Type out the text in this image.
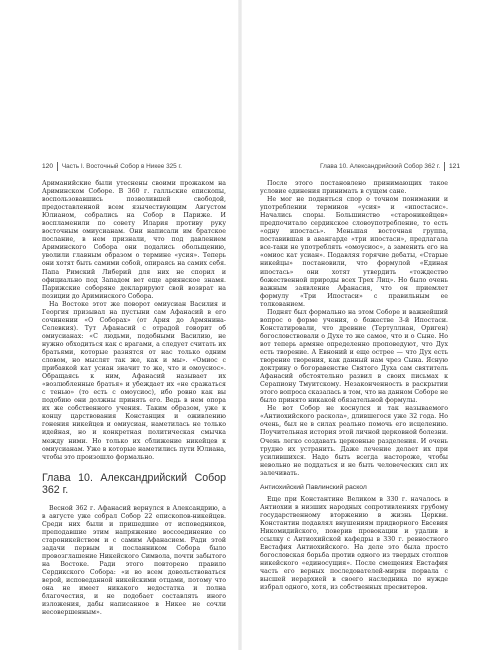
120 Часть I. Восточный Собор в Никее 325 г.

Ариманийские были утеснены своими прожаком на Ариминском Соборе. В 360 г. галльские епископы, воспользовавшись позволившей свободой, предоставленной всем язычествующим Августом Юлианом, собрались на Собор в Париже. И воспламенили по совету Илария противу руку восточным омиусианам. Они написали им братское послание, в нем признали, что под давлением Ариминского Собора они подались обольщению, уволили главным образом о термине «усия». Теперь они хотят быть самими собой, опираясь на самих себя. Папа Римский Либерий для них не спорил и официально под Западом вет еще ариянское знамя. Парижские соборяне декларируют свой возврат на позиции до Ариминского Собора.

На Востоке этот же поворот омиусиан Василия и Георгия призывал на пустыни сам Афанасий в его сочинении «О Соборах» (от Ария до Армянина-Селевкия). Тут Афанасий с отрадой говорит об омиусианах: «С людьми, подобными Василию, не нужно обходиться как с врагами, а следует считать их братьями, которые разнятся от нас только одним словом, но мыслят так же, как и мы». «Омиос с прибавкой кат усиан значит то же, что и омоусиос». Обращаясь к ним, Афанасий называет их «возлюбленные братья» и убеждает их «не сражаться с тенью» (то есть с омоусиос), ибо ровно как вы подобию они должны принять его. Ведь в нем опора их же собственного учения. Таким образом, уже к концу царствования Констанция и оживлению гонения никейцев и омиусиан, наметилась не только идейная, но и конкретная политическая смычка между ними. Но только их сближение никейцев к омиусианам. Уже в которые наметились пути Юлиана, чтобы это произошло формально.

Глава 10. Александрийский Собор 362 г.

Весной 362 г. Афанасий вернулся в Александрию, а в августе уже собрал Собор 22 епископов-никейцев. Среди них были и пришедшие от исповедников, преподавшие этим напряжение воссоединение со староникейством и с самим Афанасием. Ради этой задачи первым и посланником Собора было провозглашение Никейского Символа, почти забытого на Востоке. Ради этого повторено правило Сердикского Собора: «и во всем довольствоваться верой, исповеданной никейскими отцами, потому что она не имеет никакого недостатка и полна благочестия, и не подобает составлять иного изложения, дабы написанное в Никее не сочли несовершенным».

Глава 10. Александрийский Собор 362 г. 121

После этого постановлено принимающих такое условие единения принимать в сущем сане.

Не мог не подняться спор о точном понимании и употреблении терминов «усия» и «ипостасис». Начались споры. Большинство «староникейцев» предпочитало сердикское словоупотребление, то есть «одну ипостась». Меньшая восточная группа, поставившая в авангарде «три ипостаси», предлагала все-таки не употреблять «омоусиос», а заменить его на «омиос кат усиан». Подавляя горячие дебаты, «Старые никейцы» постановили, что формулой «Единая ипостась» они хотят утвердить «тождество божественной природы всех Трех Лиц». Но было очень важным заявление Афанасия, что он приемлет формулу «Три Ипостаси» с правильным ее толкованием.

Поднят был формально на этом Соборе и важнейший вопрос о форме учения, о божестве 3-й Ипостаси. Констатировали, что древние (Тертуллиан, Ориген) богословствовали о Духе то же самое, что и о Сыне. Но вот теперь армяне определенно проповедуют, что Дух есть творение. А Евноний и еще острее — что Дух есть творение творения, как данный нам чрез Сына. Ясную доктрину о богоравенстве Святого Духа сам святитель Афанасий обстоятельно развил в своих письмах к Серапиону Тмуитскому. Незаконченность в раскрытии этого вопроса сказалась в том, что на данном Соборе не было принято никакой обязательной формулы.

Не вот Собор не коснулся и так называемого «Антиохийского раскола», длившегося уже 32 года. Но очень, был не в силах реально помочь его исцелению. Поучительная история этой личной церковной болезни. Очень легко создавать церковные разделения. И очень трудно их устранить. Даже лечение делает их при усилившихся. Надо быть всегда настороже, чтобы невольно не поддаться и не быть человеческих сил их залечивать.

Антиохийский Павлинский раскол

Еще при Константине Великом в 330 г. началось в Антиохии в низших народных сопротивлениях грубому государственному вторжению в жизнь Церкви. Константин подавлял внушениям придворного Евсевия Никомидийского, поверив провокации и удалив в ссылку с Антиохийской кафедры в 330 г. ревностного Евстафия Антиохийского. На деле это была просто богословская борьба против одного из твердых столпов никейского «единосущия». После смещения Евстафия часть его верных последователей-мирян порвала с высшей иерархией в своего наследника по нужде избрал одного, хотя, из собственных пресвитеров.
